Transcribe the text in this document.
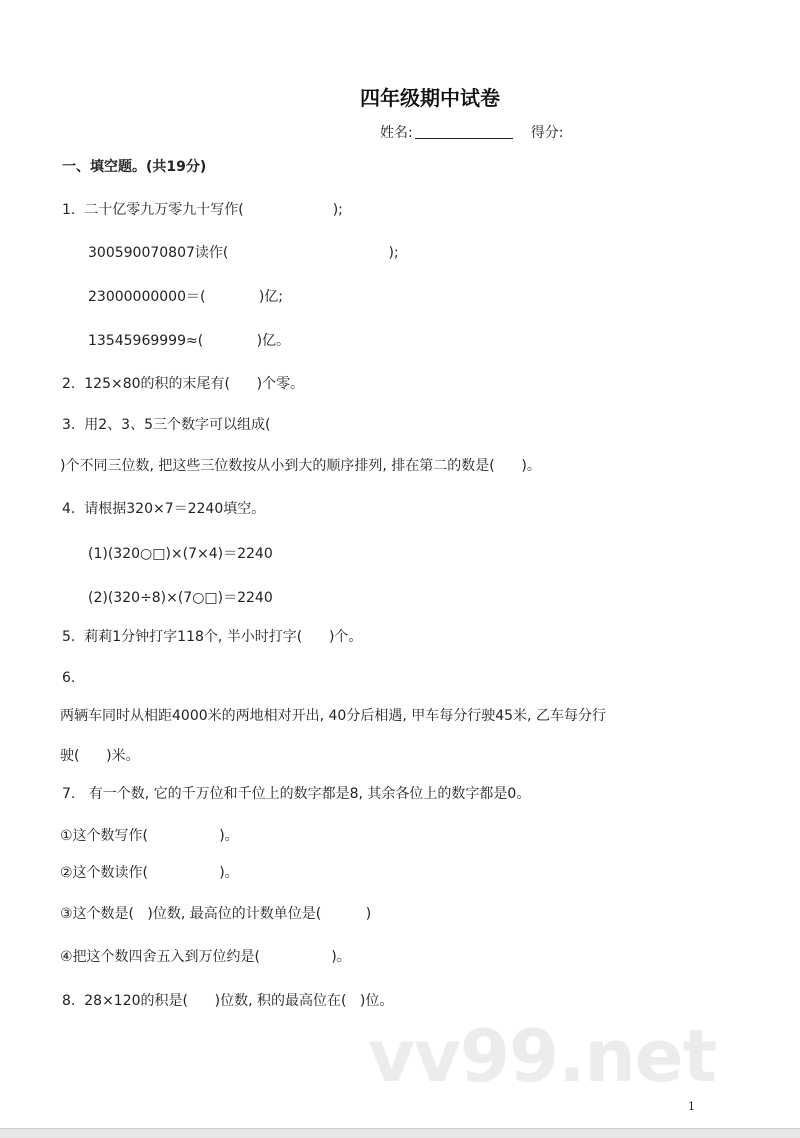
四年级期中试卷
姓名:	得分:
一、填空题。(共19分)
1.  二十亿零九万零九十写作(                    );
300590070807读作(                                    );
23000000000＝(            )亿;
13545969999≈(            )亿。
2.  125×80的积的末尾有(      )个零。
3.  用2、3、5三个数字可以组成(
)个不同三位数, 把这些三位数按从小到大的顺序排列, 排在第二的数是(      )。
4.  请根据320×7＝2240填空。
(1)(320○□)×(7×4)＝2240
(2)(320÷8)×(7○□)＝2240
5.  莉莉1分钟打字118个, 半小时打字(      )个。
6.
两辆车同时从相距4000米的两地相对开出, 40分后相遇, 甲车每分行驶45米, 乙车每分行
驶(      )米。
7.   有一个数, 它的千万位和千位上的数字都是8, 其余各位上的数字都是0。
①这个数写作(                )。
②这个数读作(                )。
③这个数是(   )位数, 最高位的计数单位是(          )
④把这个数四舍五入到万位约是(                )。
8.  28×120的积是(      )位数, 积的最高位在(   )位。
vv99.net
1
